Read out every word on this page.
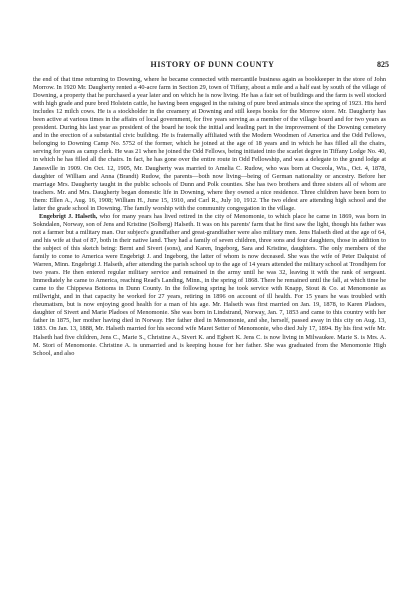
HISTORY OF DUNN COUNTY	825

the end of that time returning to Downing, where he became connected with mercantile business again as bookkeeper in the store of John Morrow. In 1920 Mr. Daugherty rented a 40-acre farm in Section 29, town of Tiffany, about a mile and a half east by south of the village of Downing, a property that he purchased a year later and on which he is now living. He has a fair set of buildings and the farm is well stocked with high grade and pure bred Holstein cattle, he having been engaged in the raising of pure bred animals since the spring of 1923. His herd includes 12 milch cows. He is a stockholder in the creamery at Downing and still keeps books for the Morrow store. Mr. Daugherty has been active at various times in the affairs of local government, for five years serving as a member of the village board and for two years as president. During his last year as president of the board he took the initial and leading part in the improvement of the Downing cemetery and in the erection of a substantial civic building. He is fraternally affiliated with the Modern Woodmen of America and the Odd Fellows, belonging to Downing Camp No. 5752 of the former, which he joined at the age of 18 years and in which he has filled all the chairs, serving for years as camp clerk. He was 21 when he joined the Odd Fellows, being initiated into the scarlet degree in Tiffany Lodge No. 40, in which he has filled all the chairs. In fact, he has gone over the entire route in Odd Fellowship, and was a delegate to the grand lodge at Janesville in 1909. On Oct. 12, 1905, Mr. Daugherty was married to Amelia C. Rudow, who was born at Osceola, Wis., Oct. 4, 1878, daughter of William and Anna (Brandt) Rudow, the parents—both now living—being of German nationality or ancestry. Before her marriage Mrs. Daugherty taught in the public schools of Dunn and Polk counties. She has two brothers and three sisters all of whom are teachers. Mr. and Mrs. Daugherty began domestic life in Downing, where they owned a nice residence. Three children have been born to them: Ellen A., Aug. 16, 1908; William H., June 15, 1910, and Carl R., July 10, 1912. The two eldest are attending high school and the latter the grade school in Downing. The family worship with the community congregation in the village.

Engebrigt J. Halseth, who for many years has lived retired in the city of Menomonie, to which place he came in 1869, was born in Sokndalen, Norway, son of Jens and Kristine (Solberg) Halseth. It was on his parents' farm that he first saw the light, though his father was not a farmer but a military man. Our subject's grandfather and great-grandfather were also military men. Jens Halseth died at the age of 64, and his wife at that of 87, both in their native land. They had a family of seven children, three sons and four daughters, those in addition to the subject of this sketch being: Bernt and Sivert (sons), and Karen, Ingeborg, Sara and Kristine, daughters. The only members of the family to come to America were Engebrigt J. and Ingeborg, the latter of whom is now deceased. She was the wife of Peter Dalquist of Warren, Minn. Engebrigt J. Halseth, after attending the parish school up to the age of 14 years attended the military school at Trondhjem for two years. He then entered regular military service and remained in the army until he was 32, leaving it with the rank of sergeant. Immediately he came to America, reaching Read's Landing, Minn., in the spring of 1868. There he remained until the fall, at which time he came to the Chippewa Bottoms in Dunn County. In the following spring he took service with Knapp, Stout & Co. at Menomonie as millwright, and in that capacity he worked for 27 years, retiring in 1896 on account of ill health. For 15 years he was troubled with rheumatism, but is now enjoying good health for a man of his age. Mr. Halseth was first married on Jan. 19, 1878, to Karen Pladoes, daughter of Sivert and Marie Pladoes of Menomonie. She was born in Lindstrand, Norway, Jan. 7, 1853 and came to this country with her father in 1875, her mother having died in Norway. Her father died in Menomonie, and she, herself, passed away in this city on Aug. 13, 1883. On Jan. 13, 1888, Mr. Halseth married for his second wife Maret Setter of Menomonie, who died July 17, 1894. By his first wife Mr. Halseth had five children, Jens C., Marie S., Christine A., Sivert K. and Egbert K. Jens C. is now living in Milwaukee. Marie S. is Mrs. A. M. Stori of Menomonie. Christine A. is unmarried and is keeping house for her father. She was graduated from the Menomonie High School, and also
